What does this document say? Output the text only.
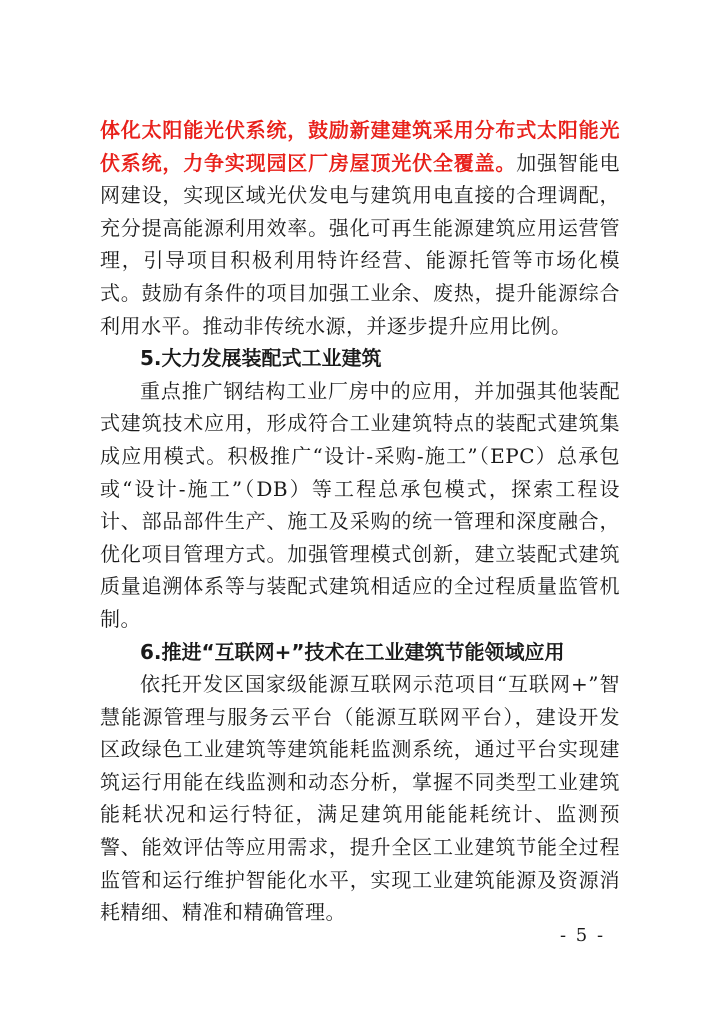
体化太阳能光伏系统，鼓励新建建筑采用分布式太阳能光伏系统，力争实现园区厂房屋顶光伏全覆盖。加强智能电网建设，实现区域光伏发电与建筑用电直接的合理调配，充分提高能源利用效率。强化可再生能源建筑应用运营管理，引导项目积极利用特许经营、能源托管等市场化模式。鼓励有条件的项目加强工业余、废热，提升能源综合利用水平。推动非传统水源，并逐步提升应用比例。

5.大力发展装配式工业建筑

重点推广钢结构工业厂房中的应用，并加强其他装配式建筑技术应用，形成符合工业建筑特点的装配式建筑集成应用模式。积极推广“设计-采购-施工”（EPC）总承包或“设计-施工”（DB）等工程总承包模式，探索工程设计、部品部件生产、施工及采购的统一管理和深度融合，优化项目管理方式。加强管理模式创新，建立装配式建筑质量追溯体系等与装配式建筑相适应的全过程质量监管机制。

6.推进“互联网+”技术在工业建筑节能领域应用

依托开发区国家级能源互联网示范项目“互联网+”智慧能源管理与服务云平台（能源互联网平台），建设开发区政绿色工业建筑等建筑能耗监测系统，通过平台实现建筑运行用能在线监测和动态分析，掌握不同类型工业建筑能耗状况和运行特征，满足建筑用能能耗统计、监测预警、能效评估等应用需求，提升全区工业建筑节能全过程监管和运行维护智能化水平，实现工业建筑能源及资源消耗精细、精准和精确管理。

- 5 -
